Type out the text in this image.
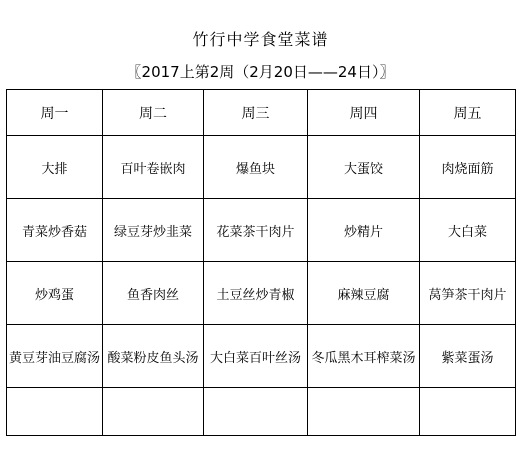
竹行中学食堂菜谱
〖2017上第2周（2月20日——24日）〗
周一	周二	周三	周四	周五
大排	百叶卷嵌肉	爆鱼块	大蛋饺	肉烧面筋
青菜炒香菇	绿豆芽炒韭菜	花菜茶干肉片	炒精片	大白菜
炒鸡蛋	鱼香肉丝	土豆丝炒青椒	麻辣豆腐	莴笋茶干肉片
黄豆芽油豆腐汤	酸菜粉皮鱼头汤	大白菜百叶丝汤	冬瓜黑木耳榨菜汤	紫菜蛋汤
